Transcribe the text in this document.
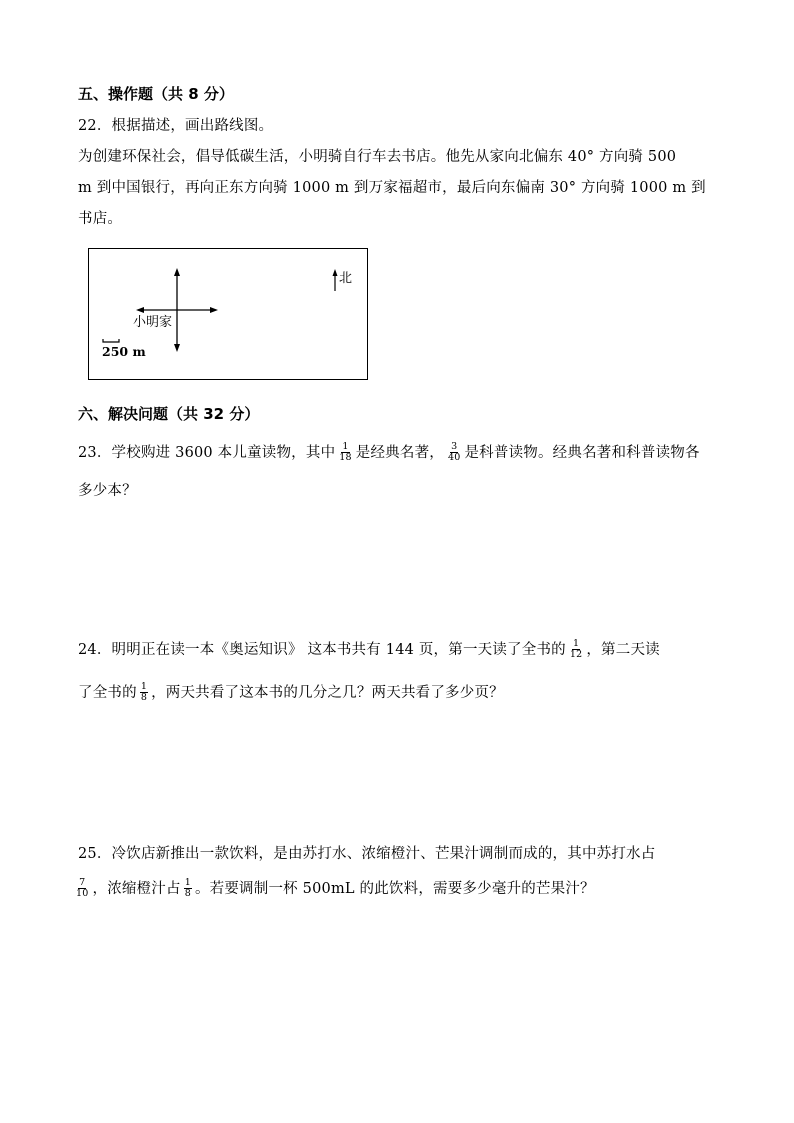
五、操作题（共 8 分）
22．根据描述，画出路线图。
为创建环保社会，倡导低碳生活，小明骑自行车去书店。他先从家向北偏东 40° 方向骑 500
m 到中国银行，再向正东方向骑 1000 m 到万家福超市，最后向东偏南 30° 方向骑 1000 m 到
书店。
北
小明家
250 m
六、解决问题（共 32 分）
23．学校购进 3600 本儿童读物，其中 $\frac{1}{18}$ 是经典名著， $\frac{3}{40}$ 是科普读物。经典名著和科普读物各
多少本？
24．明明正在读一本《奥运知识》 这本书共有 144 页，第一天读了全书的 $\frac{1}{12}$ ，第二天读
了全书的 $\frac{1}{8}$ ，两天共看了这本书的几分之几？两天共看了多少页？
25．冷饮店新推出一款饮料，是由苏打水、浓缩橙汁、芒果汁调制而成的，其中苏打水占
$\frac{7}{10}$ ，浓缩橙汁占 $\frac{1}{8}$ 。若要调制一杯 500mL 的此饮料，需要多少毫升的芒果汁？
